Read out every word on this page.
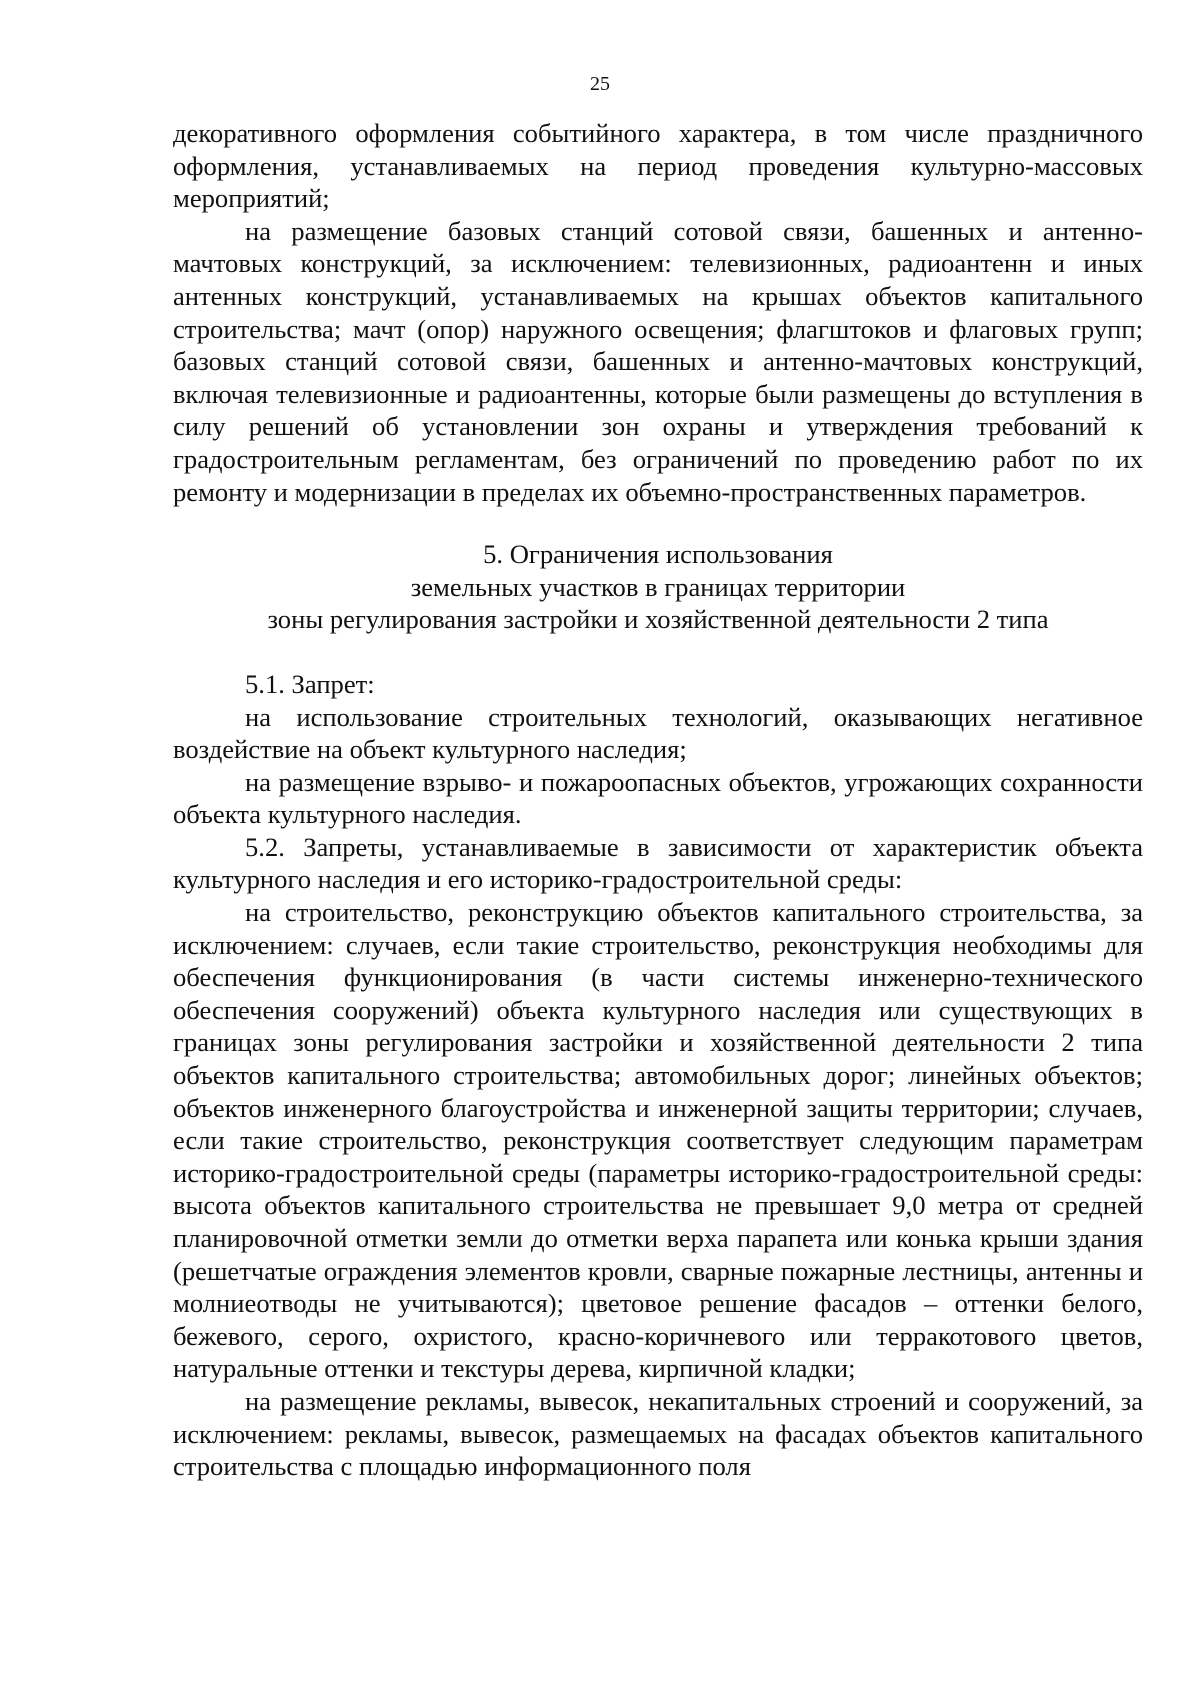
25

декоративного оформления событийного характера, в том числе праздничного оформления, устанавливаемых на период проведения культурно-массовых мероприятий;

на размещение базовых станций сотовой связи, башенных и антенно-мачтовых конструкций, за исключением: телевизионных, радиоантенн и иных антенных конструкций, устанавливаемых на крышах объектов капитального строительства; мачт (опор) наружного освещения; флагштоков и флаговых групп; базовых станций сотовой связи, башенных и антенно-мачтовых конструкций, включая телевизионные и радиоантенны, которые были размещены до вступления в силу решений об установлении зон охраны и утверждения требований к градостроительным регламентам, без ограничений по проведению работ по их ремонту и модернизации в пределах их объемно-пространственных параметров.

5. Ограничения использования
земельных участков в границах территории
зоны регулирования застройки и хозяйственной деятельности 2 типа

5.1. Запрет:

на использование строительных технологий, оказывающих негативное воздействие на объект культурного наследия;

на размещение взрыво- и пожароопасных объектов, угрожающих сохранности объекта культурного наследия.

5.2. Запреты, устанавливаемые в зависимости от характеристик объекта культурного наследия и его историко-градостроительной среды:

на строительство, реконструкцию объектов капитального строительства, за исключением: случаев, если такие строительство, реконструкция необходимы для обеспечения функционирования (в части системы инженерно-технического обеспечения сооружений) объекта культурного наследия или существующих в границах зоны регулирования застройки и хозяйственной деятельности 2 типа объектов капитального строительства; автомобильных дорог; линейных объектов; объектов инженерного благоустройства и инженерной защиты территории; случаев, если такие строительство, реконструкция соответствует следующим параметрам историко-градостроительной среды (параметры историко-градостроительной среды: высота объектов капитального строительства не превышает 9,0 метра от средней планировочной отметки земли до отметки верха парапета или конька крыши здания (решетчатые ограждения элементов кровли, сварные пожарные лестницы, антенны и молниеотводы не учитываются); цветовое решение фасадов – оттенки белого, бежевого, серого, охристого, красно-коричневого или терракотового цветов, натуральные оттенки и текстуры дерева, кирпичной кладки;

на размещение рекламы, вывесок, некапитальных строений и сооружений, за исключением: рекламы, вывесок, размещаемых на фасадах объектов капитального строительства с площадью информационного поля
